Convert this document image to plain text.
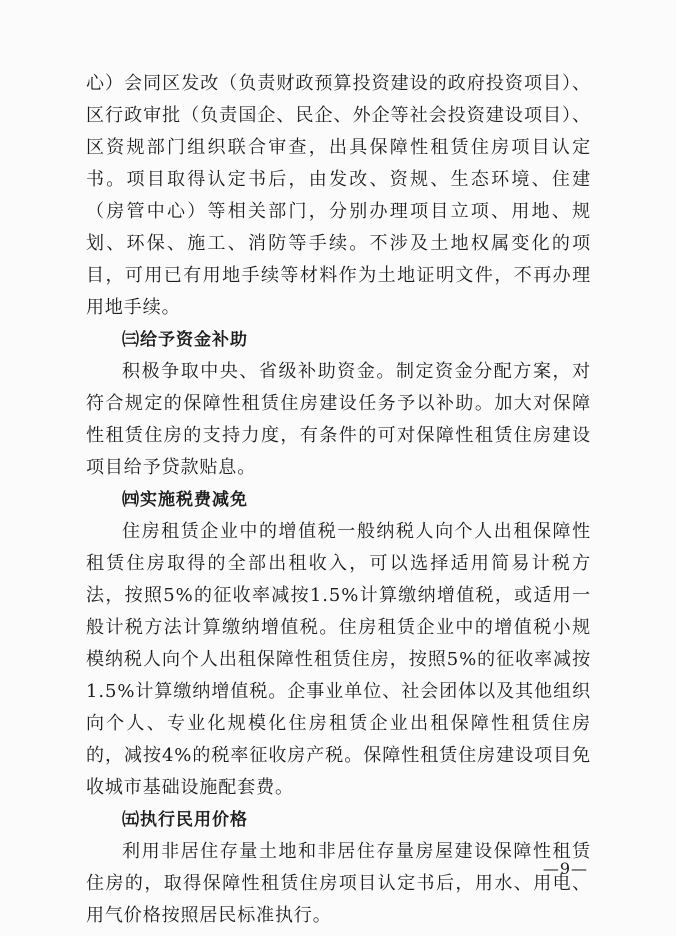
心）会同区发改（负责财政预算投资建设的政府投资项目）、区行政审批（负责国企、民企、外企等社会投资建设项目）、区资规部门组织联合审查，出具保障性租赁住房项目认定书。项目取得认定书后，由发改、资规、生态环境、住建（房管中心）等相关部门，分别办理项目立项、用地、规划、环保、施工、消防等手续。不涉及土地权属变化的项目，可用已有用地手续等材料作为土地证明文件，不再办理用地手续。

㈢给予资金补助

积极争取中央、省级补助资金。制定资金分配方案，对符合规定的保障性租赁住房建设任务予以补助。加大对保障性租赁住房的支持力度，有条件的可对保障性租赁住房建设项目给予贷款贴息。

㈣实施税费减免

住房租赁企业中的增值税一般纳税人向个人出租保障性租赁住房取得的全部出租收入，可以选择适用简易计税方法，按照5%的征收率减按1.5%计算缴纳增值税，或适用一般计税方法计算缴纳增值税。住房租赁企业中的增值税小规模纳税人向个人出租保障性租赁住房，按照5%的征收率减按1.5%计算缴纳增值税。企事业单位、社会团体以及其他组织向个人、专业化规模化住房租赁企业出租保障性租赁住房的，减按4%的税率征收房产税。保障性租赁住房建设项目免收城市基础设施配套费。

㈤执行民用价格

利用非居住存量土地和非居住存量房屋建设保障性租赁住房的，取得保障性租赁住房项目认定书后，用水、用电、用气价格按照居民标准执行。

—9—
